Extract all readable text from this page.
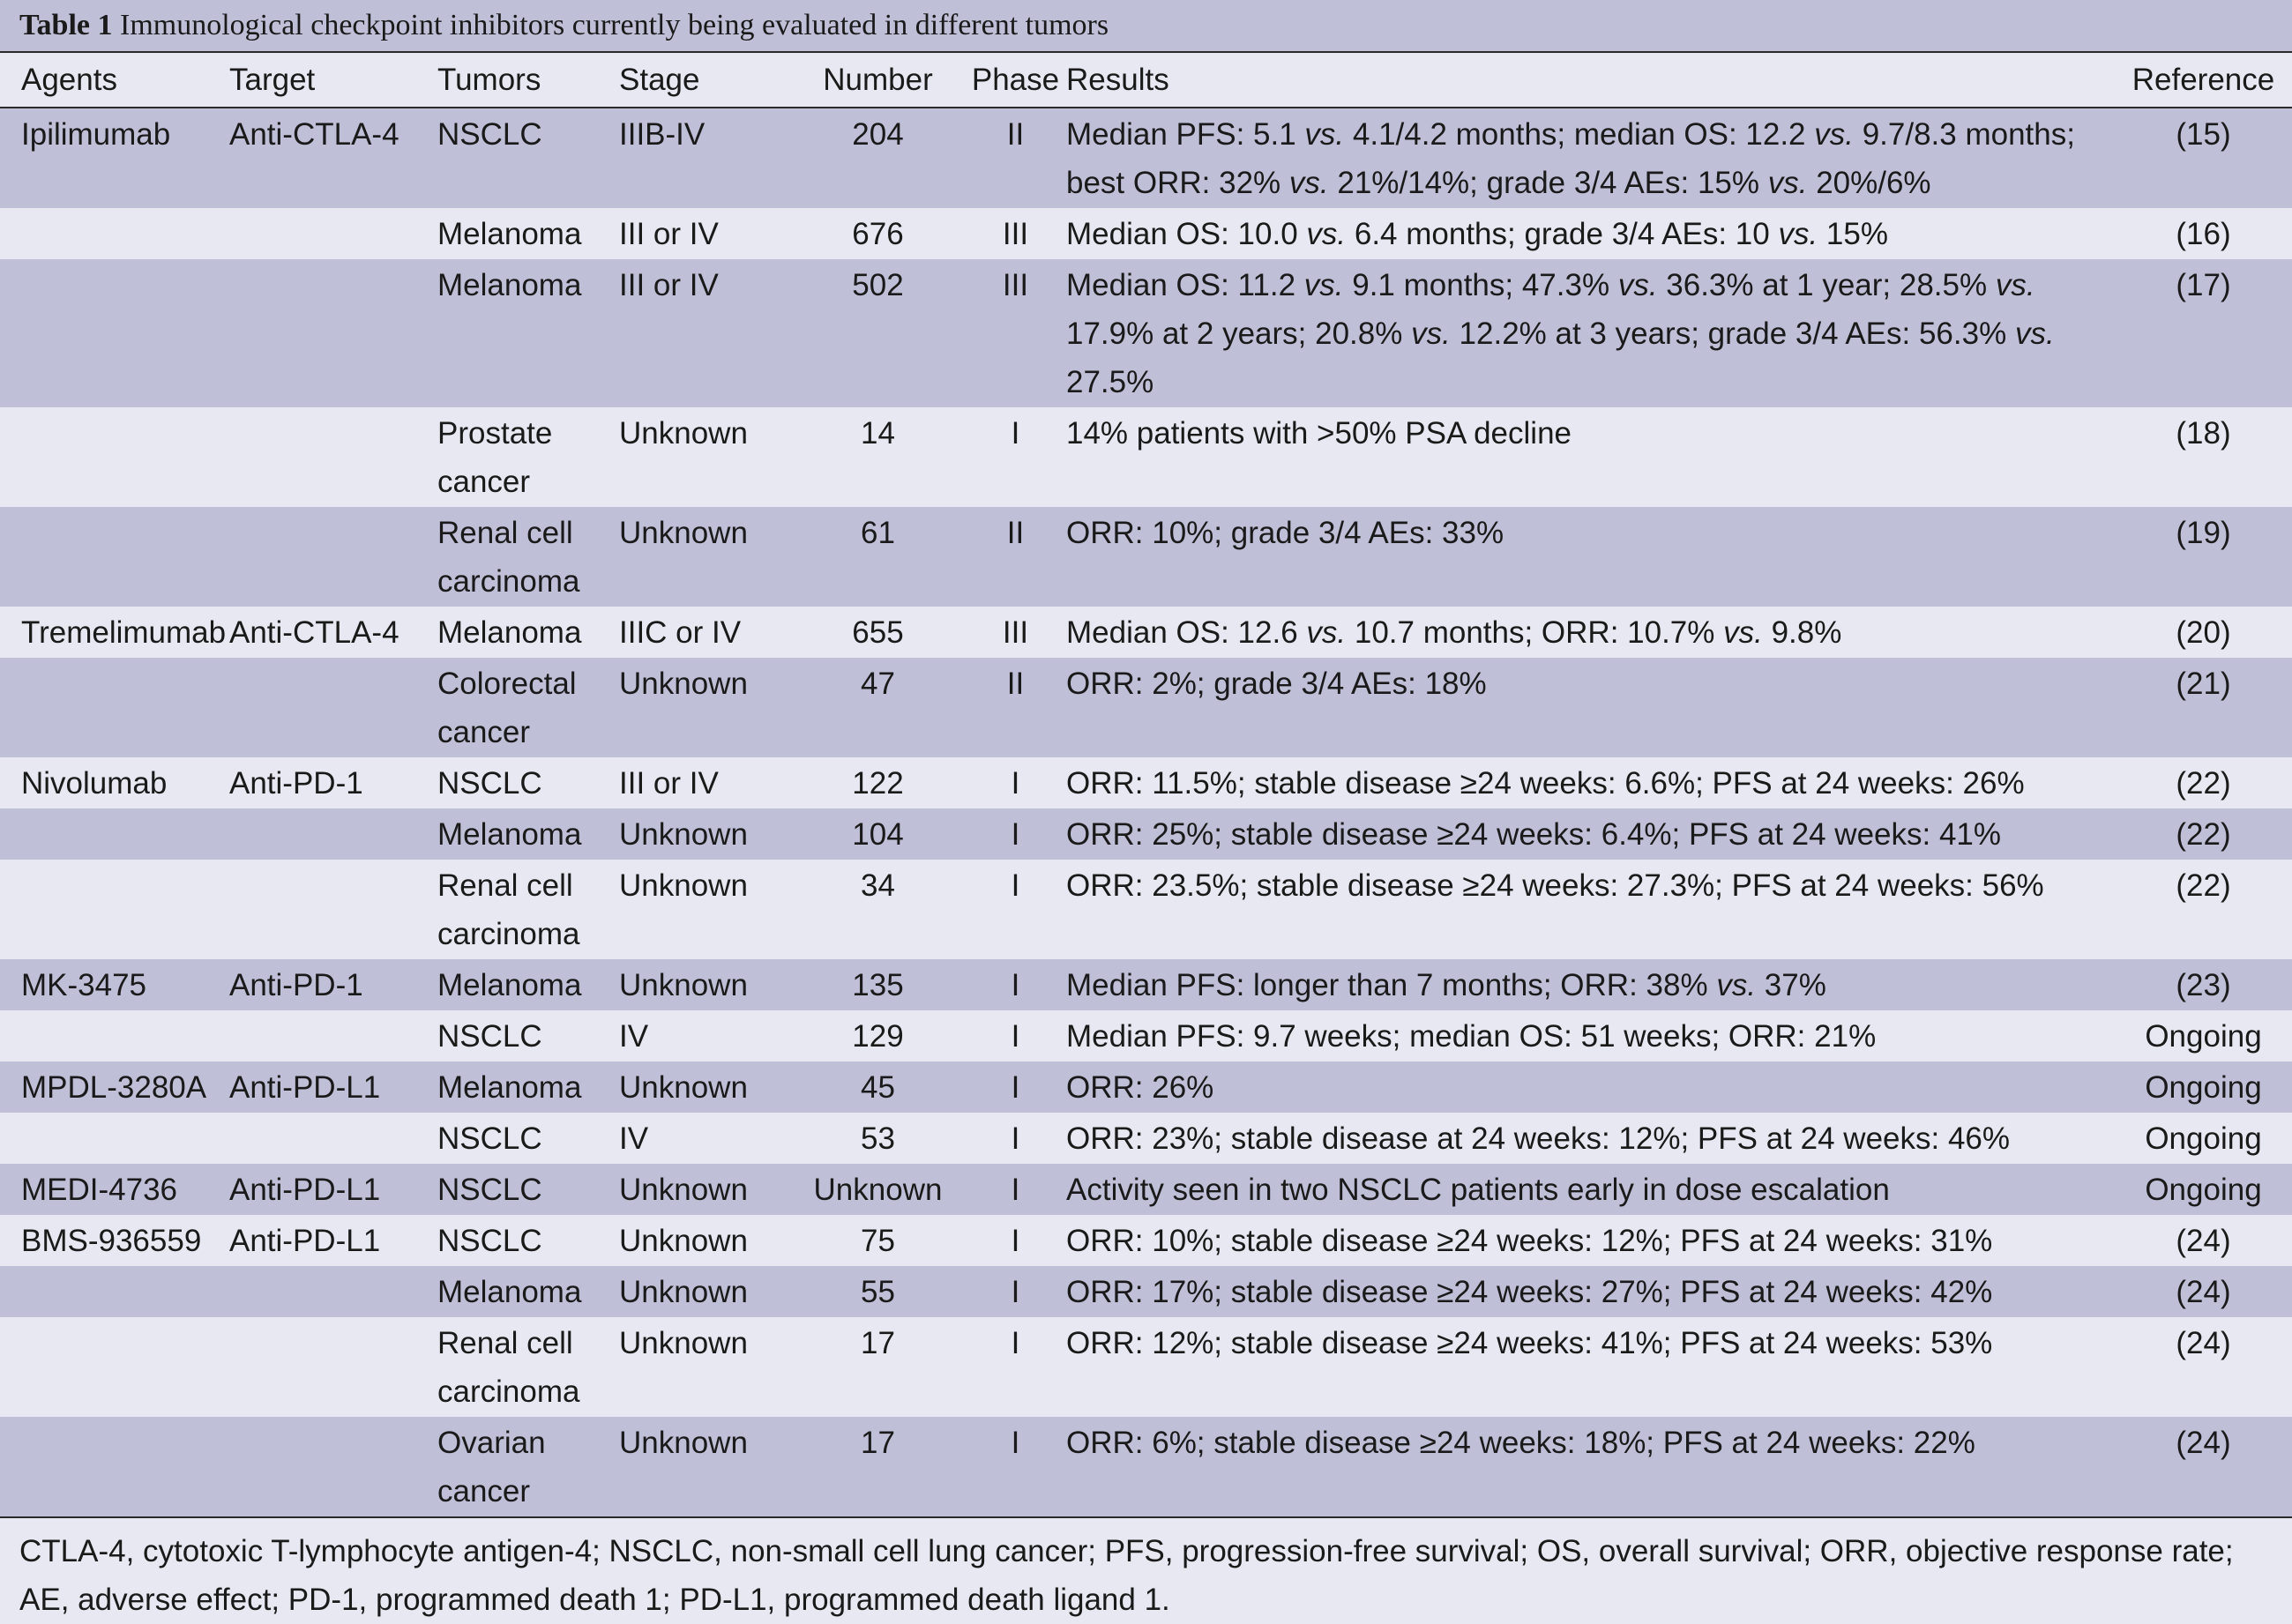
Table 1 Immunological checkpoint inhibitors currently being evaluated in different tumors
Agents	Target	Tumors	Stage	Number	Phase	Results	Reference
Ipilimumab	Anti-CTLA-4	NSCLC	IIIB-IV	204	II	Median PFS: 5.1 vs. 4.1/4.2 months; median OS: 12.2 vs. 9.7/8.3 months; best ORR: 32% vs. 21%/14%; grade 3/4 AEs: 15% vs. 20%/6%	(15)
		Melanoma	III or IV	676	III	Median OS: 10.0 vs. 6.4 months; grade 3/4 AEs: 10 vs. 15%	(16)
		Melanoma	III or IV	502	III	Median OS: 11.2 vs. 9.1 months; 47.3% vs. 36.3% at 1 year; 28.5% vs. 17.9% at 2 years; 20.8% vs. 12.2% at 3 years; grade 3/4 AEs: 56.3% vs. 27.5%	(17)
		Prostate cancer	Unknown	14	I	14% patients with >50% PSA decline	(18)
		Renal cell carcinoma	Unknown	61	II	ORR: 10%; grade 3/4 AEs: 33%	(19)
Tremelimumab	Anti-CTLA-4	Melanoma	IIIC or IV	655	III	Median OS: 12.6 vs. 10.7 months; ORR: 10.7% vs. 9.8%	(20)
		Colorectal cancer	Unknown	47	II	ORR: 2%; grade 3/4 AEs: 18%	(21)
Nivolumab	Anti-PD-1	NSCLC	III or IV	122	I	ORR: 11.5%; stable disease ≥24 weeks: 6.6%; PFS at 24 weeks: 26%	(22)
		Melanoma	Unknown	104	I	ORR: 25%; stable disease ≥24 weeks: 6.4%; PFS at 24 weeks: 41%	(22)
		Renal cell carcinoma	Unknown	34	I	ORR: 23.5%; stable disease ≥24 weeks: 27.3%; PFS at 24 weeks: 56%	(22)
MK-3475	Anti-PD-1	Melanoma	Unknown	135	I	Median PFS: longer than 7 months; ORR: 38% vs. 37%	(23)
		NSCLC	IV	129	I	Median PFS: 9.7 weeks; median OS: 51 weeks; ORR: 21%	Ongoing
MPDL-3280A	Anti-PD-L1	Melanoma	Unknown	45	I	ORR: 26%	Ongoing
		NSCLC	IV	53	I	ORR: 23%; stable disease at 24 weeks: 12%; PFS at 24 weeks: 46%	Ongoing
MEDI-4736	Anti-PD-L1	NSCLC	Unknown	Unknown	I	Activity seen in two NSCLC patients early in dose escalation	Ongoing
BMS-936559	Anti-PD-L1	NSCLC	Unknown	75	I	ORR: 10%; stable disease ≥24 weeks: 12%; PFS at 24 weeks: 31%	(24)
		Melanoma	Unknown	55	I	ORR: 17%; stable disease ≥24 weeks: 27%; PFS at 24 weeks: 42%	(24)
		Renal cell carcinoma	Unknown	17	I	ORR: 12%; stable disease ≥24 weeks: 41%; PFS at 24 weeks: 53%	(24)
		Ovarian cancer	Unknown	17	I	ORR: 6%; stable disease ≥24 weeks: 18%; PFS at 24 weeks: 22%	(24)
CTLA-4, cytotoxic T-lymphocyte antigen-4; NSCLC, non-small cell lung cancer; PFS, progression-free survival; OS, overall survival; ORR, objective response rate; AE, adverse effect; PD-1, programmed death 1; PD-L1, programmed death ligand 1.
